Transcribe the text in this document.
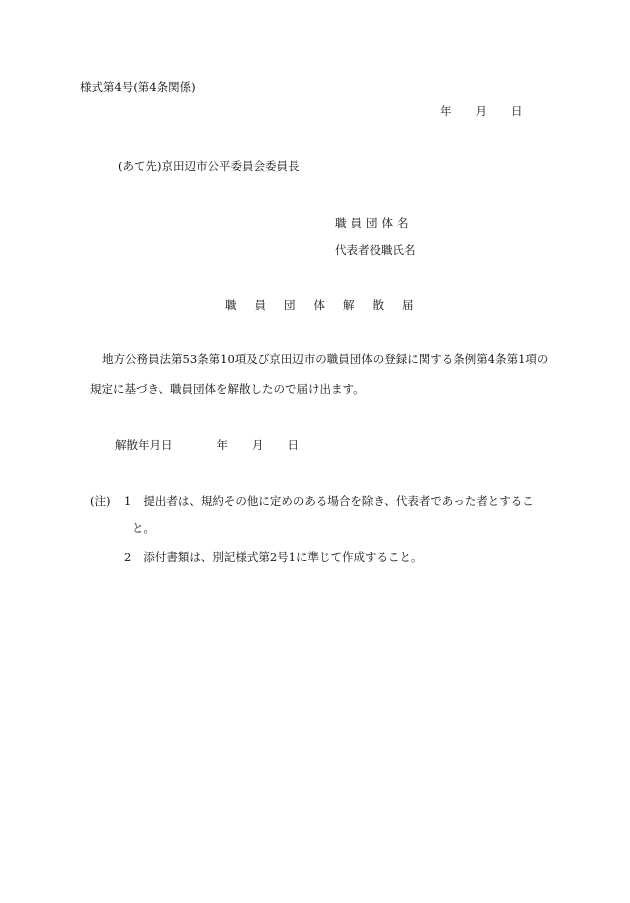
様式第4号(第4条関係)
年 月 日
(あて先)京田辺市公平委員会委員長
職員団体名
代表者役職氏名
職 員 団 体 解 散 届
地方公務員法第53条第10項及び京田辺市の職員団体の登録に関する条例第4条第1項の
規定に基づき、職員団体を解散したので届け出ます。
解散年月日	年 月 日
(注) 1 提出者は、規約その他に定めのある場合を除き、代表者であった者とするこ
と。
2 添付書類は、別記様式第2号1に準じて作成すること。
